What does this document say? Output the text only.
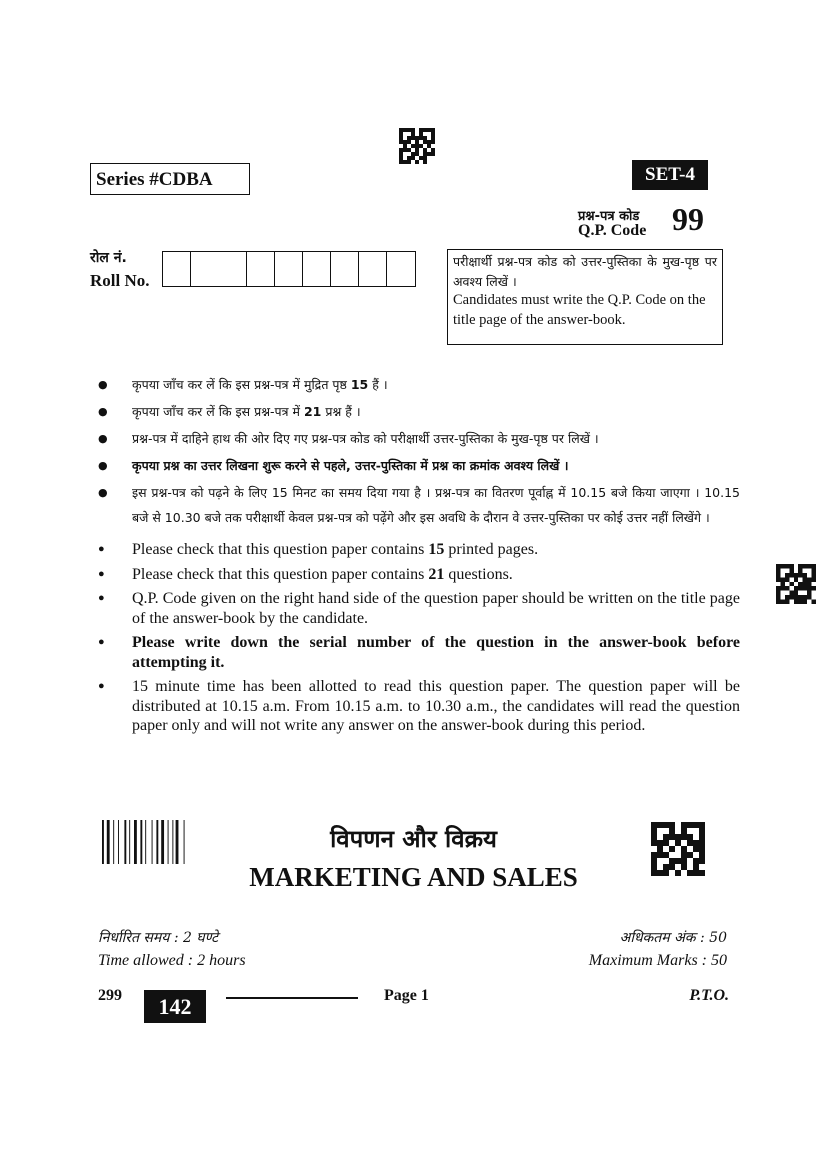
Series #CDBA	SET-4
प्रश्न-पत्र कोड
Q.P. Code 99
रोल नं.
Roll No.
परीक्षार्थी प्रश्न-पत्र कोड को उत्तर-पुस्तिका के मुख-पृष्ठ पर अवश्य लिखें ।
Candidates must write the Q.P. Code on the title page of the answer-book.
● कृपया जाँच कर लें कि इस प्रश्न-पत्र में मुद्रित पृष्ठ 15 हैं ।
● कृपया जाँच कर लें कि इस प्रश्न-पत्र में 21 प्रश्न हैं ।
● प्रश्न-पत्र में दाहिने हाथ की ओर दिए गए प्रश्न-पत्र कोड को परीक्षार्थी उत्तर-पुस्तिका के मुख-पृष्ठ पर लिखें ।
● कृपया प्रश्न का उत्तर लिखना शुरू करने से पहले, उत्तर-पुस्तिका में प्रश्न का क्रमांक अवश्य लिखें ।
● इस प्रश्न-पत्र को पढ़ने के लिए 15 मिनट का समय दिया गया है । प्रश्न-पत्र का वितरण पूर्वाह्न में 10.15 बजे किया जाएगा । 10.15 बजे से 10.30 बजे तक परीक्षार्थी केवल प्रश्न-पत्र को पढ़ेंगे और इस अवधि के दौरान वे उत्तर-पुस्तिका पर कोई उत्तर नहीं लिखेंगे ।
● Please check that this question paper contains 15 printed pages.
● Please check that this question paper contains 21 questions.
● Q.P. Code given on the right hand side of the question paper should be written on the title page of the answer-book by the candidate.
● Please write down the serial number of the question in the answer-book before attempting it.
● 15 minute time has been allotted to read this question paper. The question paper will be distributed at 10.15 a.m. From 10.15 a.m. to 10.30 a.m., the candidates will read the question paper only and will not write any answer on the answer-book during this period.
विपणन और विक्रय
MARKETING AND SALES
निर्धारित समय : 2 घण्टे
Time allowed : 2 hours
अधिकतम अंक : 50
Maximum Marks : 50
299	142	Page 1	P.T.O.
